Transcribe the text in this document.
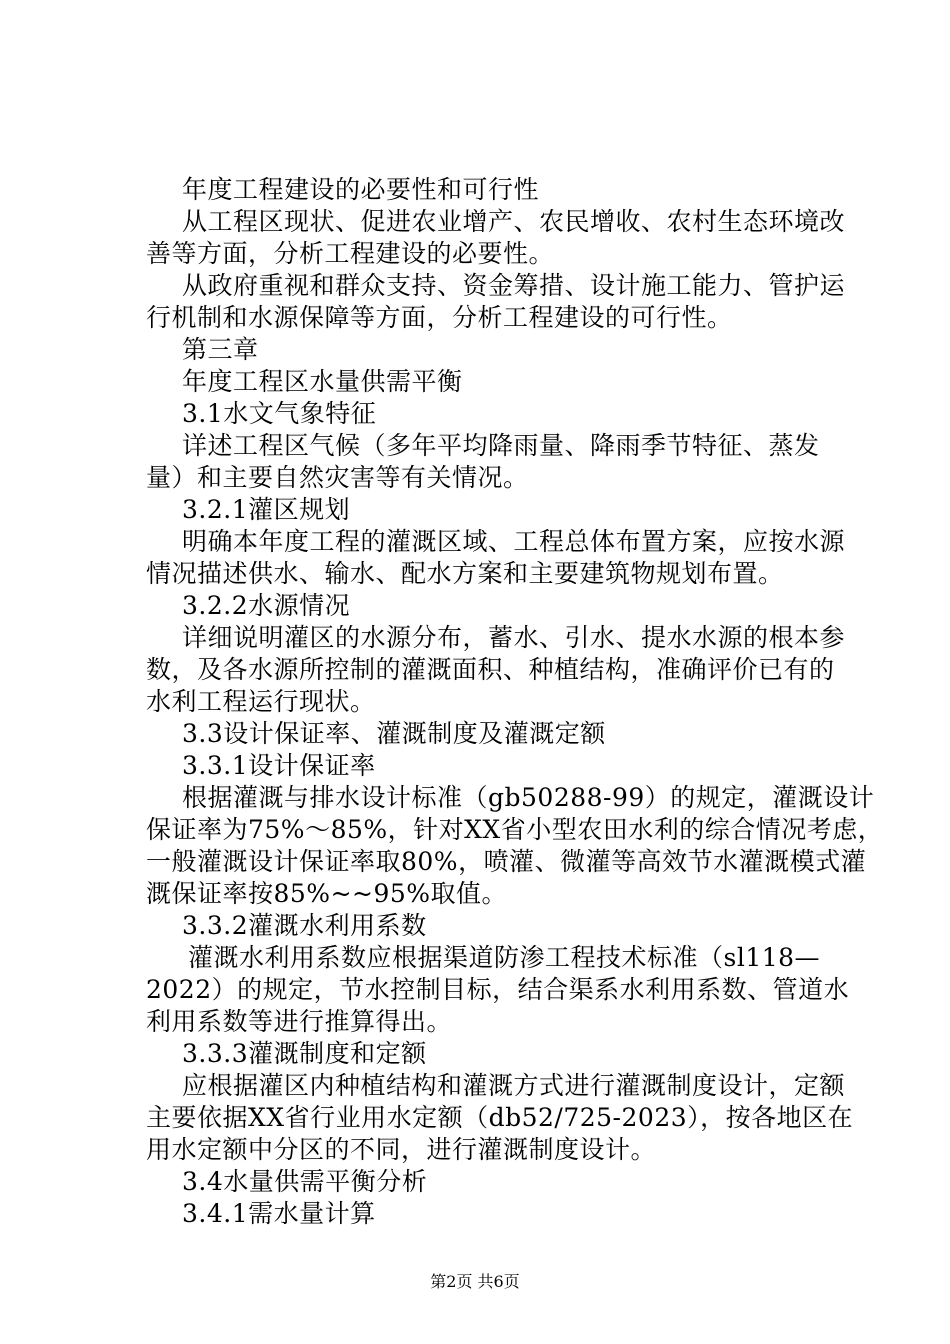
年度工程建设的必要性和可行性
从工程区现状、促进农业增产、农民增收、农村生态环境改
善等方面，分析工程建设的必要性。
从政府重视和群众支持、资金筹措、设计施工能力、管护运
行机制和水源保障等方面，分析工程建设的可行性。
第三章
年度工程区水量供需平衡
3.1水文气象特征
详述工程区气候（多年平均降雨量、降雨季节特征、蒸发
量）和主要自然灾害等有关情况。
3.2.1灌区规划
明确本年度工程的灌溉区域、工程总体布置方案，应按水源
情况描述供水、输水、配水方案和主要建筑物规划布置。
3.2.2水源情况
详细说明灌区的水源分布，蓄水、引水、提水水源的根本参
数，及各水源所控制的灌溉面积、种植结构，准确评价已有的
水利工程运行现状。
3.3设计保证率、灌溉制度及灌溉定额
3.3.1设计保证率
根据灌溉与排水设计标准（gb50288-99）的规定，灌溉设计
保证率为75%～85%，针对XX省小型农田水利的综合情况考虑，
一般灌溉设计保证率取80%，喷灌、微灌等高效节水灌溉模式灌
溉保证率按85%~~95%取值。
3.3.2灌溉水利用系数
灌溉水利用系数应根据渠道防渗工程技术标准（sl118—
2022）的规定，节水控制目标，结合渠系水利用系数、管道水
利用系数等进行推算得出。
3.3.3灌溉制度和定额
应根据灌区内种植结构和灌溉方式进行灌溉制度设计，定额
主要依据XX省行业用水定额（db52/725-2023），按各地区在
用水定额中分区的不同，进行灌溉制度设计。
3.4水量供需平衡分析
3.4.1需水量计算
第2页 共6页
